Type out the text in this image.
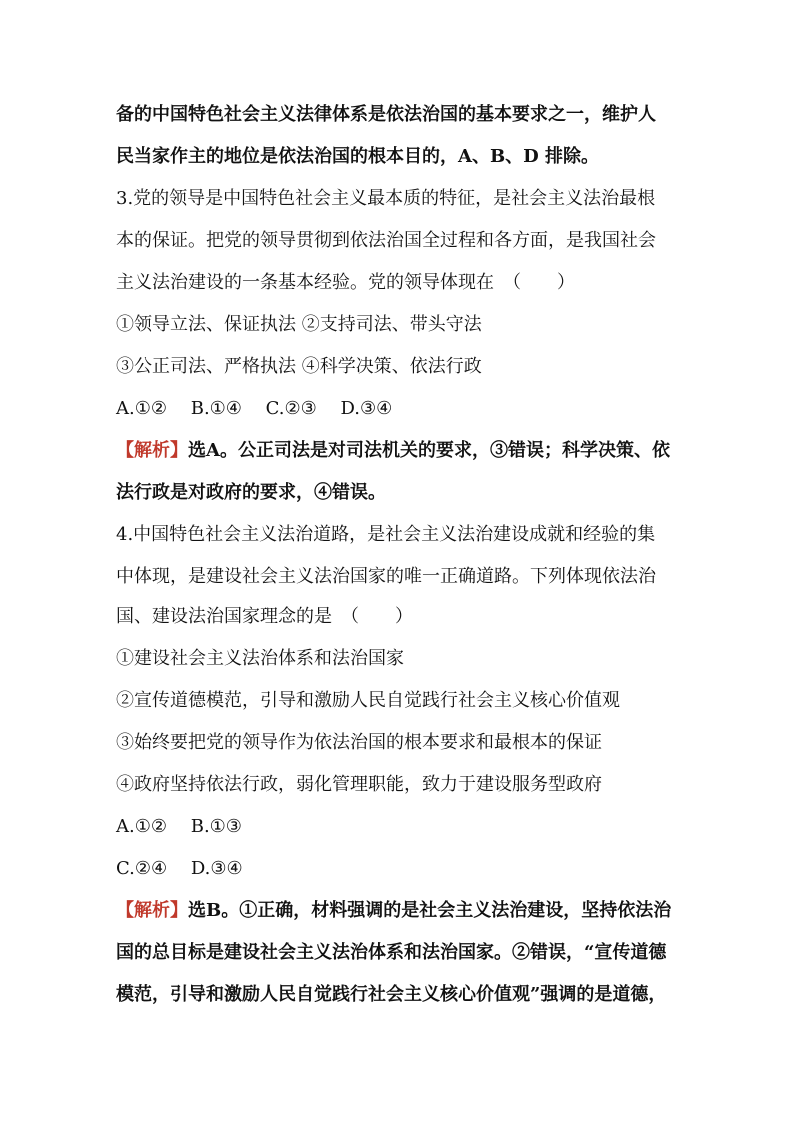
备的中国特色社会主义法律体系是依法治国的基本要求之一，维护人
民当家作主的地位是依法治国的根本目的，A、B、D 排除。
3.党的领导是中国特色社会主义最本质的特征，是社会主义法治最根
本的保证。把党的领导贯彻到依法治国全过程和各方面，是我国社会
主义法治建设的一条基本经验。党的领导体现在　（　　）
①领导立法、保证执法 ②支持司法、带头守法
③公正司法、严格执法 ④科学决策、依法行政
A.①②　 B.①④　 C.②③　 D.③④
【解析】选A。公正司法是对司法机关的要求，③错误；科学决策、依
法行政是对政府的要求，④错误。
4.中国特色社会主义法治道路，是社会主义法治建设成就和经验的集
中体现，是建设社会主义法治国家的唯一正确道路。下列体现依法治
国、建设法治国家理念的是　（　　）
①建设社会主义法治体系和法治国家
②宣传道德模范，引导和激励人民自觉践行社会主义核心价值观
③始终要把党的领导作为依法治国的根本要求和最根本的保证
④政府坚持依法行政，弱化管理职能，致力于建设服务型政府
A.①②　 B.①③
C.②④　 D.③④
【解析】选B。①正确，材料强调的是社会主义法治建设，坚持依法治
国的总目标是建设社会主义法治体系和法治国家。②错误，“宣传道德
模范，引导和激励人民自觉践行社会主义核心价值观”强调的是道德，
